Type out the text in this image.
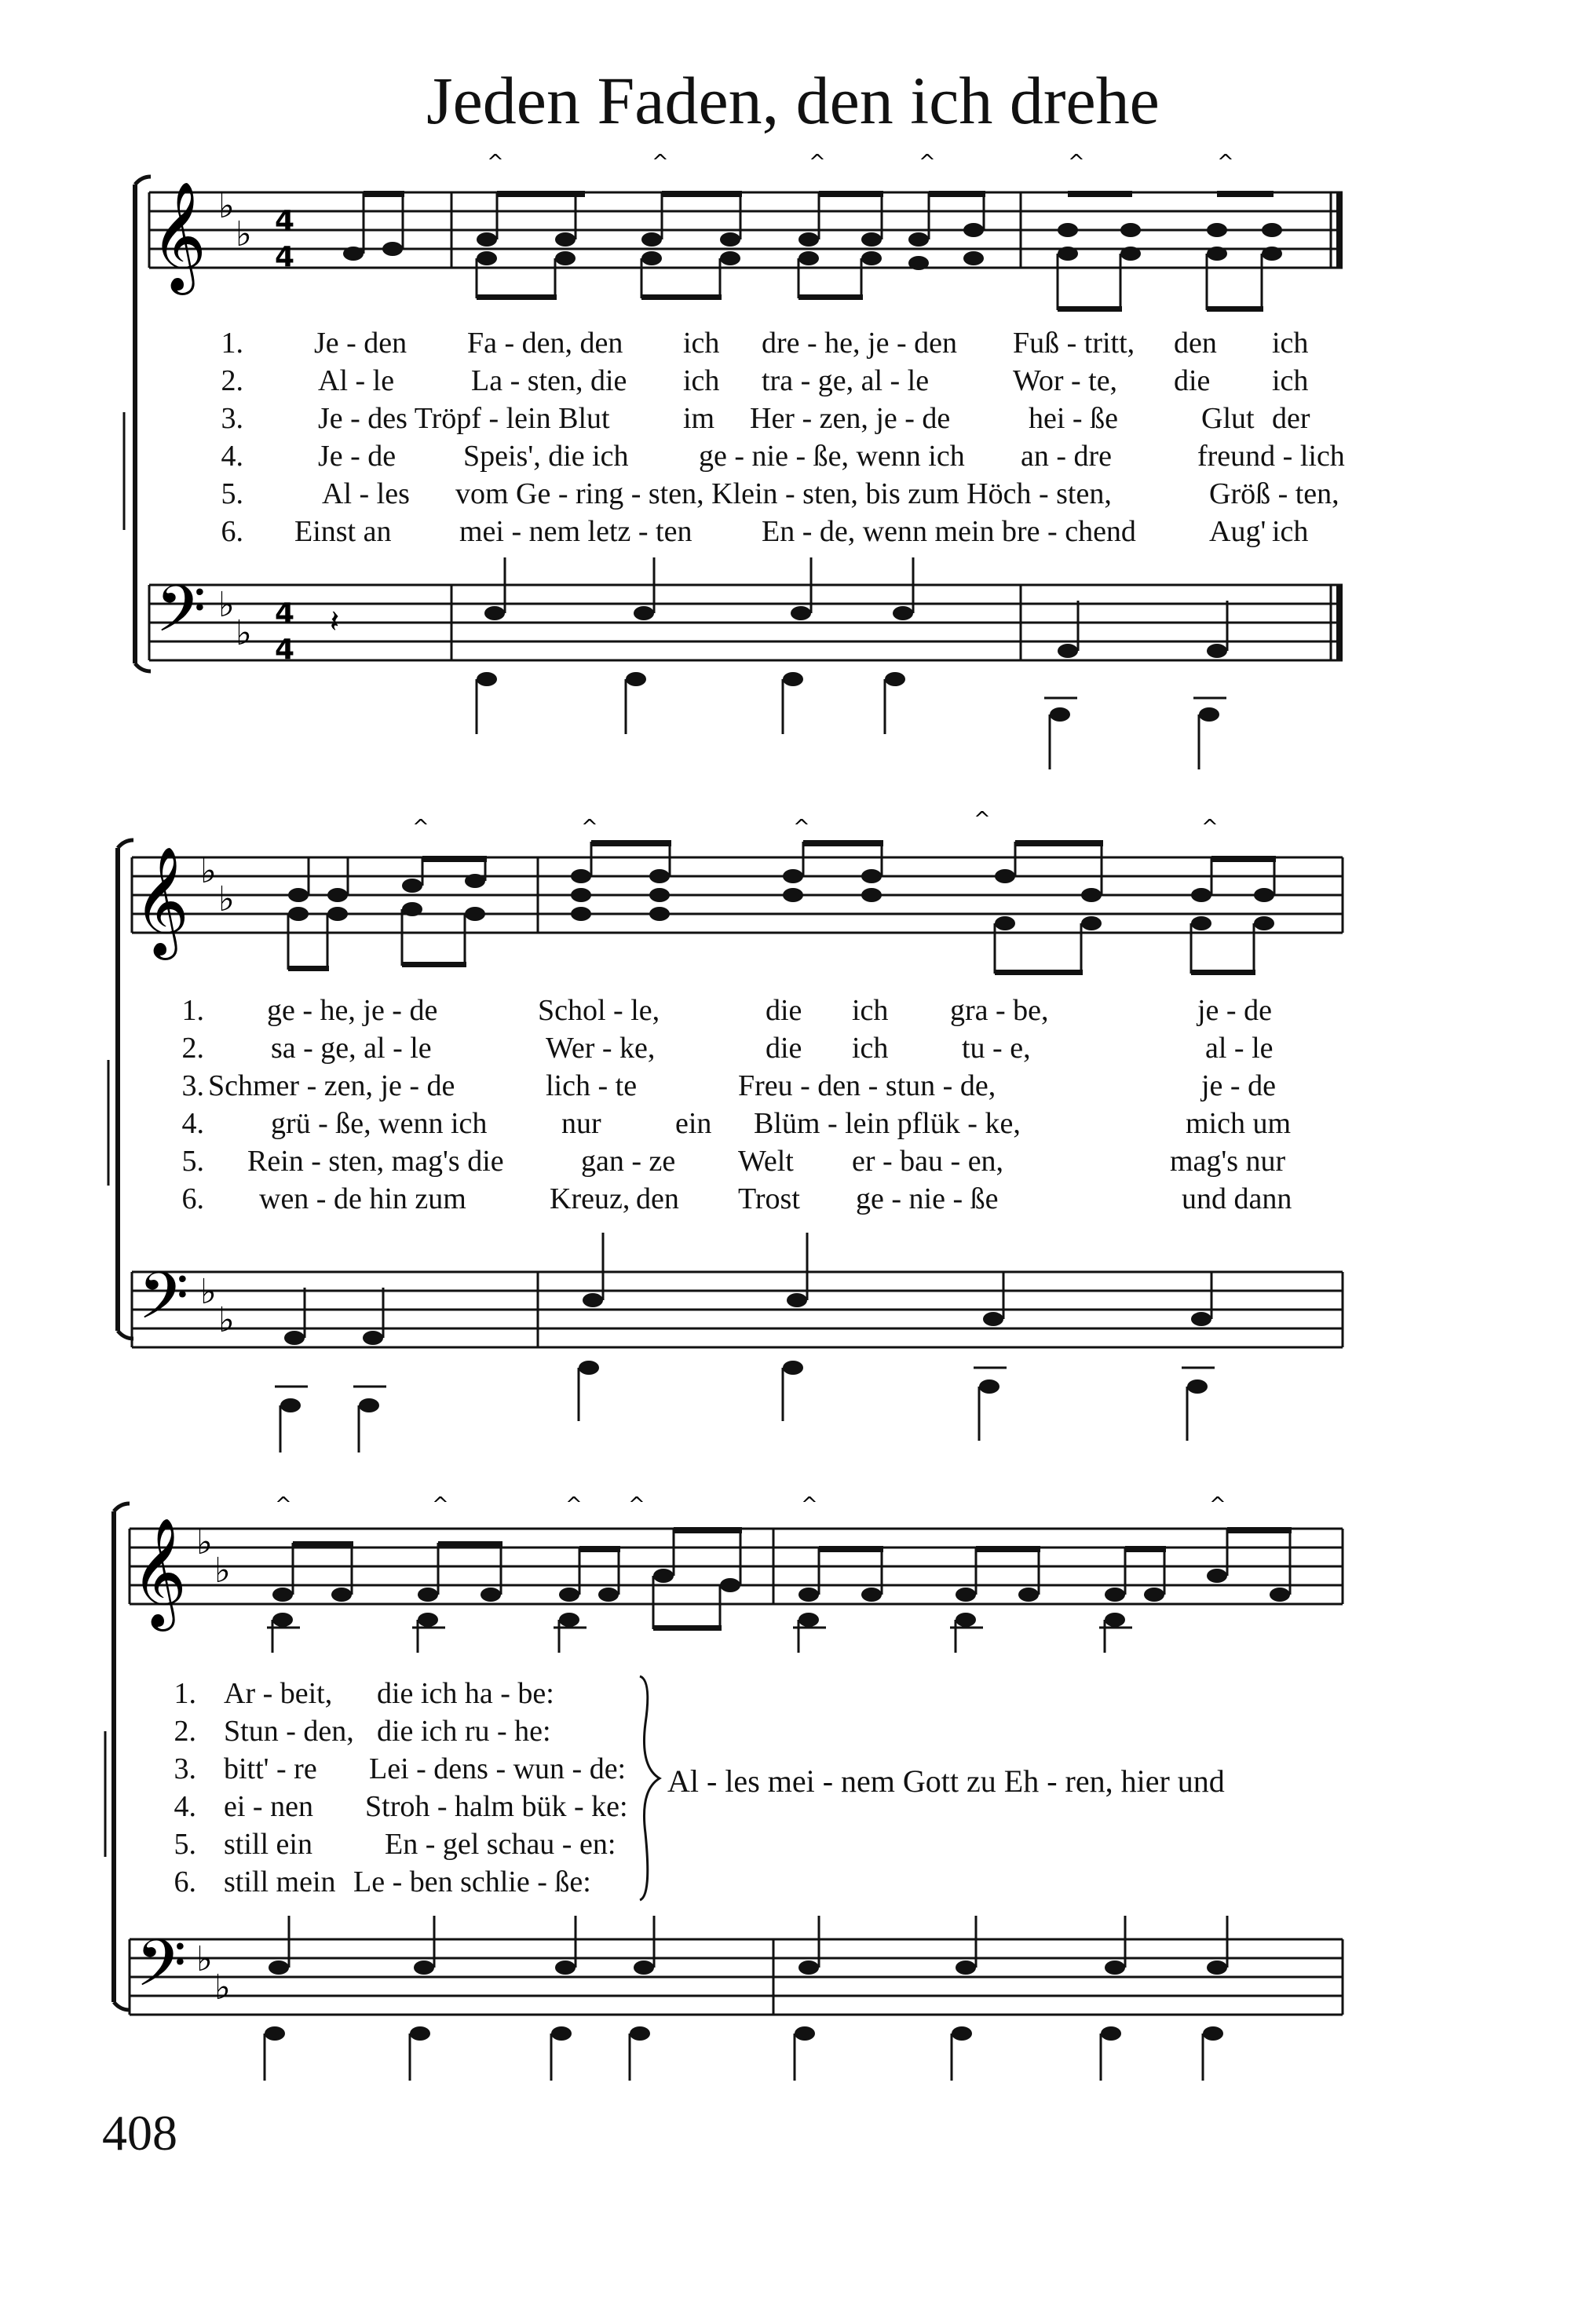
Jeden Faden, den ich drehe
𝄞 ♭
♭ 4
4
^	^	^	^	^	^
𝄢 ♭
♭ 4
4
𝄽
1. Je - den Fa - den, den ich dre - he, je - den Fuß - tritt, den ich
2.	Al - le	La - sten, die ich tra - ge, al - le	Wor - te, die ich
3.	Je - des Tröpf - lein Blut im Her - zen, je - de	hei - ße	Glut der
4.	Je - de Speis', die ich ge - nie - ße, wenn ich an - dre	freund - lich
5.	Al - les vom Ge - ring - sten, Klein - sten, bis zum Höch - sten,	Größ - ten,
6. Einst an mei - nem letz - ten En - de, wenn mein bre - chend Aug' ich
𝄞 ♭
♭
^	^	^	^	^
𝄢 ♭
♭
1. ge - he, je - de	Schol - le,	die ich gra - be,	je - de
2. sa - ge, al - le	Wer - ke,	die ich tu - e,	al - le
3. Schmer - zen, je - de	lich - te	Freu - den - stun - de,	je - de
4. grü - ße, wenn ich nur ein Blüm - lein pflük - ke,	mich um
5. Rein - sten, mag's die	gan - ze Welt er - bau - en,	mag's nur
6. wen - de hin zum	Kreuz, den Trost ge - nie - ße	und dann
𝄞 ♭
♭
^	^	^ ^	^	^
𝄢 ♭
♭
1. Ar - beit, die ich ha - be:
2. Stun - den, die ich ru - he:
3. bitt' - re Lei - dens - wun - de:
4. ei - nen Stroh - halm bük - ke:
5. still ein En - gel schau - en:
6. still mein Le - ben schlie - ße:
Al - les mei - nem Gott zu Eh - ren, hier und
408
